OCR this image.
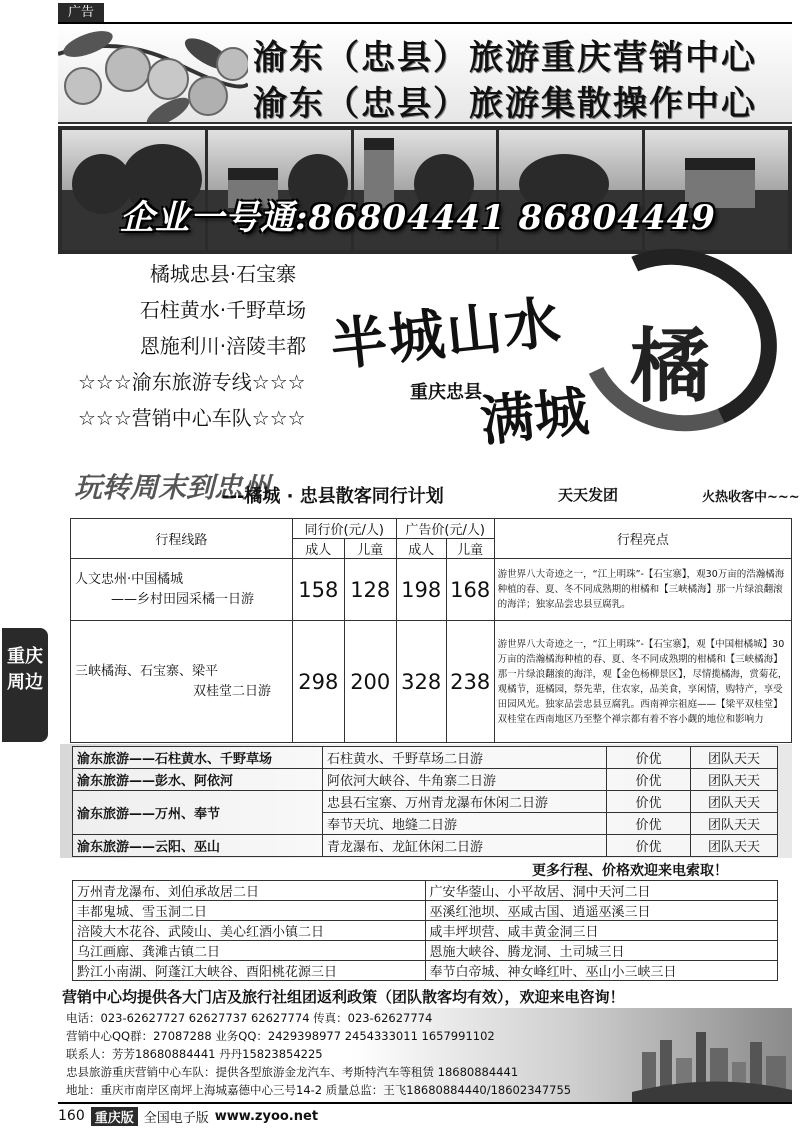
广告
渝东（忠县）旅游重庆营销中心
渝东（忠县）旅游集散操作中心
企业一号通:86804441 86804449
橘城忠县·石宝寨
石柱黄水·千野草场
恩施利川·涪陵丰都
☆☆☆渝东旅游专线☆☆☆
☆☆☆营销中心车队☆☆☆
橘
半城山水
重庆忠县
满城
玩转周末到忠州
---橘城 · 忠县散客同行计划	天天发团	火热收客中~~~
行程线路	同行价(元/人)		广告价(元/人)		行程亮点
	成人	儿童	成人	儿童	

人文忠州·中国橘城
——乡村田园采橘一日游	158	128	198	168	游世界八大奇迹之一，“江上明珠”-【石宝寨】，观30万亩的浩瀚橘海种植的春、夏、冬不同成熟期的柑橘和【三峡橘海】那一片绿浪翻滚的海洋；独家品尝忠县豆腐乳。

三峡橘海、石宝寨、梁平
双桂堂二日游	298	200	328	238	游世界八大奇迹之一，“江上明珠”-【石宝寨】，观【中国柑橘城】30万亩的浩瀚橘海种植的春、夏、冬不同成熟期的柑橘和【三峡橘海】那一片绿浪翻滚的海洋，观【金色杨柳景区】，尽情揽橘海，赏菊花，观橘节，逛橘园，祭先辈，住农家，品美食，享闲情，购特产，享受田园风光。独家品尝忠县豆腐乳。西南禅宗祖庭——【梁平双桂堂】双桂堂在西南地区乃至整个禅宗都有着不容小觑的地位和影响力
重庆
周边
渝东旅游——石柱黄水、千野草场	石柱黄水、千野草场二日游	价优	团队天天
渝东旅游——彭水、阿依河	阿依河大峡谷、牛角寨二日游	价优	团队天天
渝东旅游——万州、奉节	忠县石宝寨、万州青龙瀑布休闲二日游	价优	团队天天
	奉节天坑、地缝二日游	价优	团队天天
渝东旅游——云阳、巫山	青龙瀑布、龙缸休闲二日游	价优	团队天天
更多行程、价格欢迎来电索取！
万州青龙瀑布、刘伯承故居二日	广安华蓥山、小平故居、洞中天河二日
丰都鬼城、雪玉洞二日	巫溪红池坝、巫咸古国、逍遥巫溪三日
涪陵大木花谷、武陵山、美心红酒小镇二日	咸丰坪坝营、咸丰黄金洞三日
乌江画廊、龚滩古镇二日	恩施大峡谷、腾龙洞、土司城三日
黔江小南湖、阿蓬江大峡谷、酉阳桃花源三日	奉节白帝城、神女峰红叶、巫山小三峡三日
营销中心均提供各大门店及旅行社组团返利政策（团队散客均有效），欢迎来电咨询！
电话：023-62627727 62627737 62627774 传真：023-62627774
营销中心QQ群：27087288 业务QQ：2429398977 2454333011 1657991102
联系人：芳芳18680884441 丹丹15823854225
忠县旅游重庆营销中心车队：提供各型旅游金龙汽车、考斯特汽车等租赁 18680884441
地址：重庆市南岸区南坪上海城嘉德中心三号14-2 质量总监：王飞18680884440/18602347755
160 重庆版 全国电子版 www.zyoo.net
